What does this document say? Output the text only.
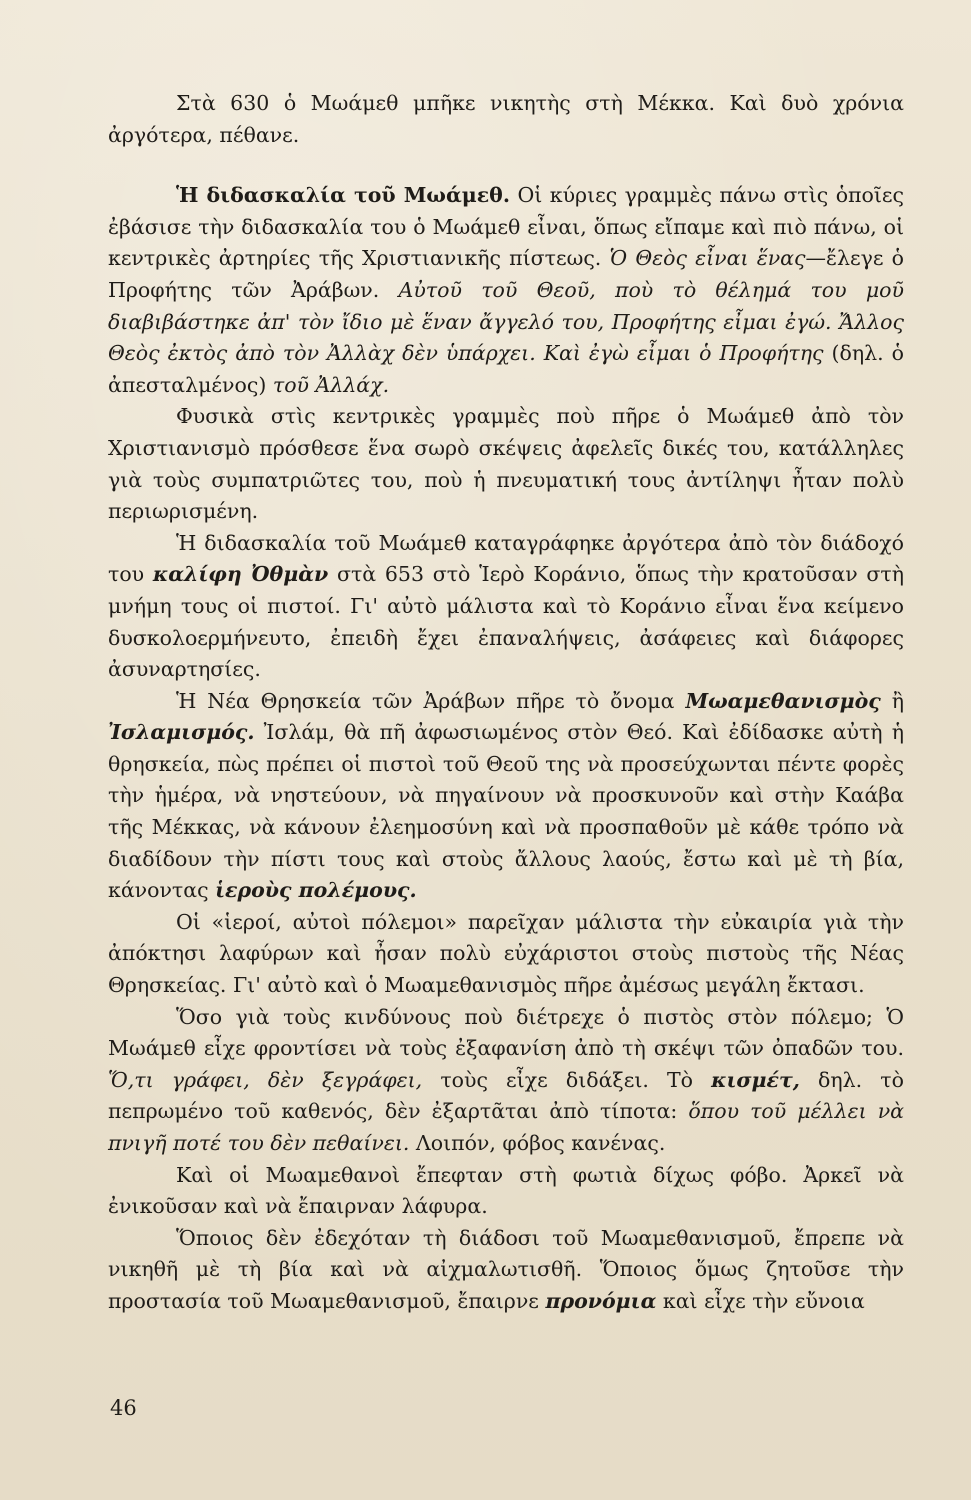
Στὰ 630 ὁ Μωάμεθ μπῆκε νικητὴς στὴ Μέκκα. Καὶ δυὸ χρόνια ἀργότερα, πέθανε.

Ἡ διδασκαλία τοῦ Μωάμεθ. Οἱ κύριες γραμμὲς πάνω στὶς ὁποῖες ἐβάσισε τὴν διδασκαλία του ὁ Μωάμεθ εἶναι, ὅπως εἴπαμε καὶ πιὸ πάνω, οἱ κεντρικὲς ἀρτηρίες τῆς Χριστιανικῆς πίστεως. Ὁ Θεὸς εἶναι ἕνας—ἔλεγε ὁ Προφήτης τῶν Ἀράβων. Αὐτοῦ τοῦ Θεοῦ, ποὺ τὸ θέλημά του μοῦ διαβιβάστηκε ἀπ' τὸν ἴδιο μὲ ἕναν ἄγγελό του, Προφήτης εἶμαι ἐγώ. Ἄλλος Θεὸς ἐκτὸς ἀπὸ τὸν Ἀλλὰχ δὲν ὑπάρχει. Καὶ ἐγὼ εἶμαι ὁ Προφήτης (δηλ. ὁ ἀπεσταλμένος) τοῦ Ἀλλάχ.

Φυσικὰ στὶς κεντρικὲς γραμμὲς ποὺ πῆρε ὁ Μωάμεθ ἀπὸ τὸν Χριστιανισμὸ πρόσθεσε ἕνα σωρὸ σκέψεις ἀφελεῖς δικές του, κατάλληλες γιὰ τοὺς συμπατριῶτες του, ποὺ ἡ πνευματική τους ἀντίληψι ἦταν πολὺ περιωρισμένη.

Ἡ διδασκαλία τοῦ Μωάμεθ καταγράφηκε ἀργότερα ἀπὸ τὸν διάδοχό του καλίφη Ὀθμὰν στὰ 653 στὸ Ἱερὸ Κοράνιο, ὅπως τὴν κρατοῦσαν στὴ μνήμη τους οἱ πιστοί. Γι' αὐτὸ μάλιστα καὶ τὸ Κοράνιο εἶναι ἕνα κείμενο δυσκολοερμήνευτο, ἐπειδὴ ἔχει ἐπαναλήψεις, ἀσάφειες καὶ διάφορες ἀσυναρτησίες.

Ἡ Νέα Θρησκεία τῶν Ἀράβων πῆρε τὸ ὄνομα Μωαμεθανισμὸς ἢ Ἰσλαμισμός. Ἰσλάμ, θὰ πῆ ἀφωσιωμένος στὸν Θεό. Καὶ ἐδίδασκε αὐτὴ ἡ θρησκεία, πὼς πρέπει οἱ πιστοὶ τοῦ Θεοῦ της νὰ προσεύχωνται πέντε φορὲς τὴν ἡμέρα, νὰ νηστεύουν, νὰ πηγαίνουν νὰ προσκυνοῦν καὶ στὴν Καάβα τῆς Μέκκας, νὰ κάνουν ἐλεημοσύνη καὶ νὰ προσπαθοῦν μὲ κάθε τρόπο νὰ διαδίδουν τὴν πίστι τους καὶ στοὺς ἄλλους λαούς, ἔστω καὶ μὲ τὴ βία, κάνοντας ἱεροὺς πολέμους.

Οἱ «ἱεροί, αὐτοὶ πόλεμοι» παρεῖχαν μάλιστα τὴν εὐκαιρία γιὰ τὴν ἀπόκτησι λαφύρων καὶ ἦσαν πολὺ εὐχάριστοι στοὺς πιστοὺς τῆς Νέας Θρησκείας. Γι' αὐτὸ καὶ ὁ Μωαμεθανισμὸς πῆρε ἀμέσως μεγάλη ἔκτασι.

Ὅσο γιὰ τοὺς κινδύνους ποὺ διέτρεχε ὁ πιστὸς στὸν πόλεμο; Ὁ Μωάμεθ εἶχε φροντίσει νὰ τοὺς ἐξαφανίση ἀπὸ τὴ σκέψι τῶν ὀπαδῶν του. Ὅ,τι γράφει, δὲν ξεγράφει, τοὺς εἶχε διδάξει. Τὸ κισμέτ, δηλ. τὸ πεπρωμένο τοῦ καθενός, δὲν ἐξαρτᾶται ἀπὸ τίποτα: ὅπου τοῦ μέλλει νὰ πνιγῆ ποτέ του δὲν πεθαίνει. Λοιπόν, φόβος κανένας.

Καὶ οἱ Μωαμεθανοὶ ἔπεφταν στὴ φωτιὰ δίχως φόβο. Ἀρκεῖ νὰ ἐνικοῦσαν καὶ νὰ ἔπαιρναν λάφυρα.

Ὅποιος δὲν ἐδεχόταν τὴ διάδοσι τοῦ Μωαμεθανισμοῦ, ἔπρεπε νὰ νικηθῆ μὲ τὴ βία καὶ νὰ αἰχμαλωτισθῆ. Ὅποιος ὅμως ζητοῦσε τὴν προστασία τοῦ Μωαμεθανισμοῦ, ἔπαιρνε προνόμια καὶ εἶχε τὴν εὔνοια

46
